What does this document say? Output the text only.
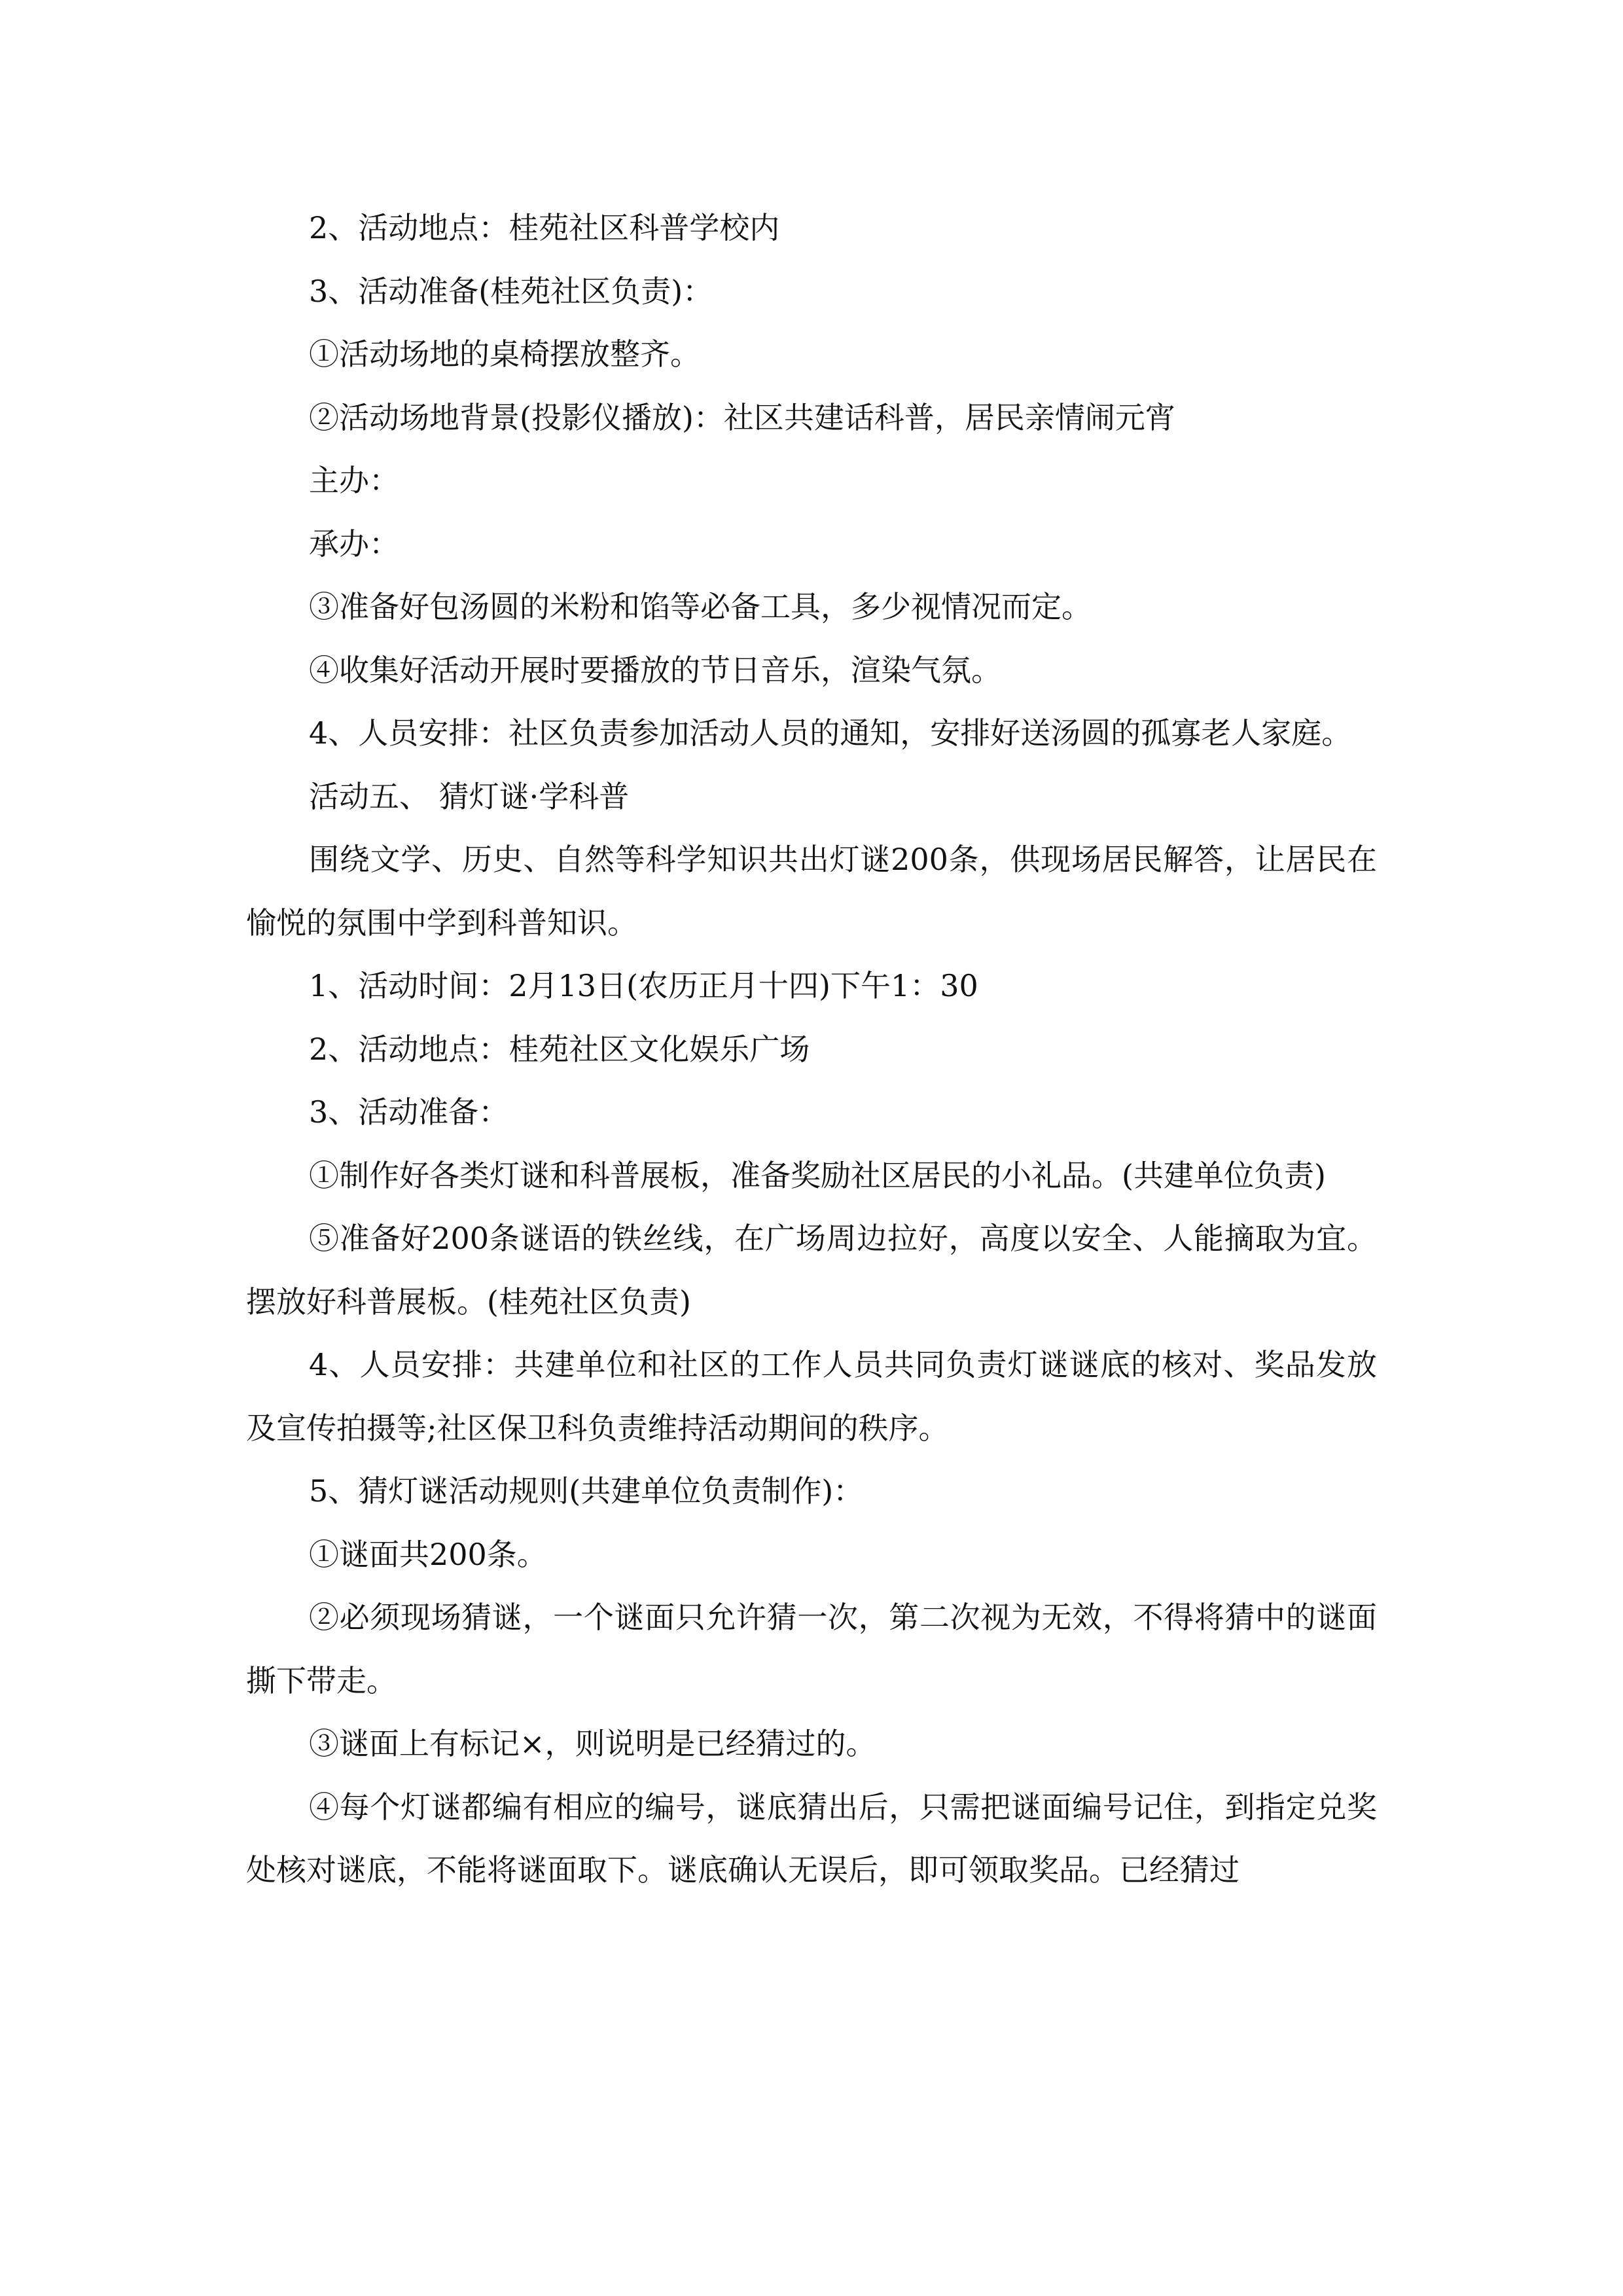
2、活动地点：桂苑社区科普学校内

3、活动准备(桂苑社区负责)：

①活动场地的桌椅摆放整齐。

②活动场地背景(投影仪播放)：社区共建话科普，居民亲情闹元宵

主办：

承办：

③准备好包汤圆的米粉和馅等必备工具，多少视情况而定。

④收集好活动开展时要播放的节日音乐，渲染气氛。

4、人员安排：社区负责参加活动人员的通知，安排好送汤圆的孤寡老人家庭。

活动五、 猜灯谜·学科普

围绕文学、历史、自然等科学知识共出灯谜200条，供现场居民解答，让居民在愉悦的氛围中学到科普知识。

1、活动时间：2月13日(农历正月十四)下午1：30

2、活动地点：桂苑社区文化娱乐广场

3、活动准备：

①制作好各类灯谜和科普展板，准备奖励社区居民的小礼品。(共建单位负责)

⑤准备好200条谜语的铁丝线，在广场周边拉好，高度以安全、人能摘取为宜。摆放好科普展板。(桂苑社区负责)

4、人员安排：共建单位和社区的工作人员共同负责灯谜谜底的核对、奖品发放及宣传拍摄等;社区保卫科负责维持活动期间的秩序。

5、猜灯谜活动规则(共建单位负责制作)：

①谜面共200条。

②必须现场猜谜，一个谜面只允许猜一次，第二次视为无效，不得将猜中的谜面撕下带走。

③谜面上有标记×，则说明是已经猜过的。

④每个灯谜都编有相应的编号，谜底猜出后，只需把谜面编号记住，到指定兑奖处核对谜底，不能将谜面取下。谜底确认无误后，即可领取奖品。已经猜过
